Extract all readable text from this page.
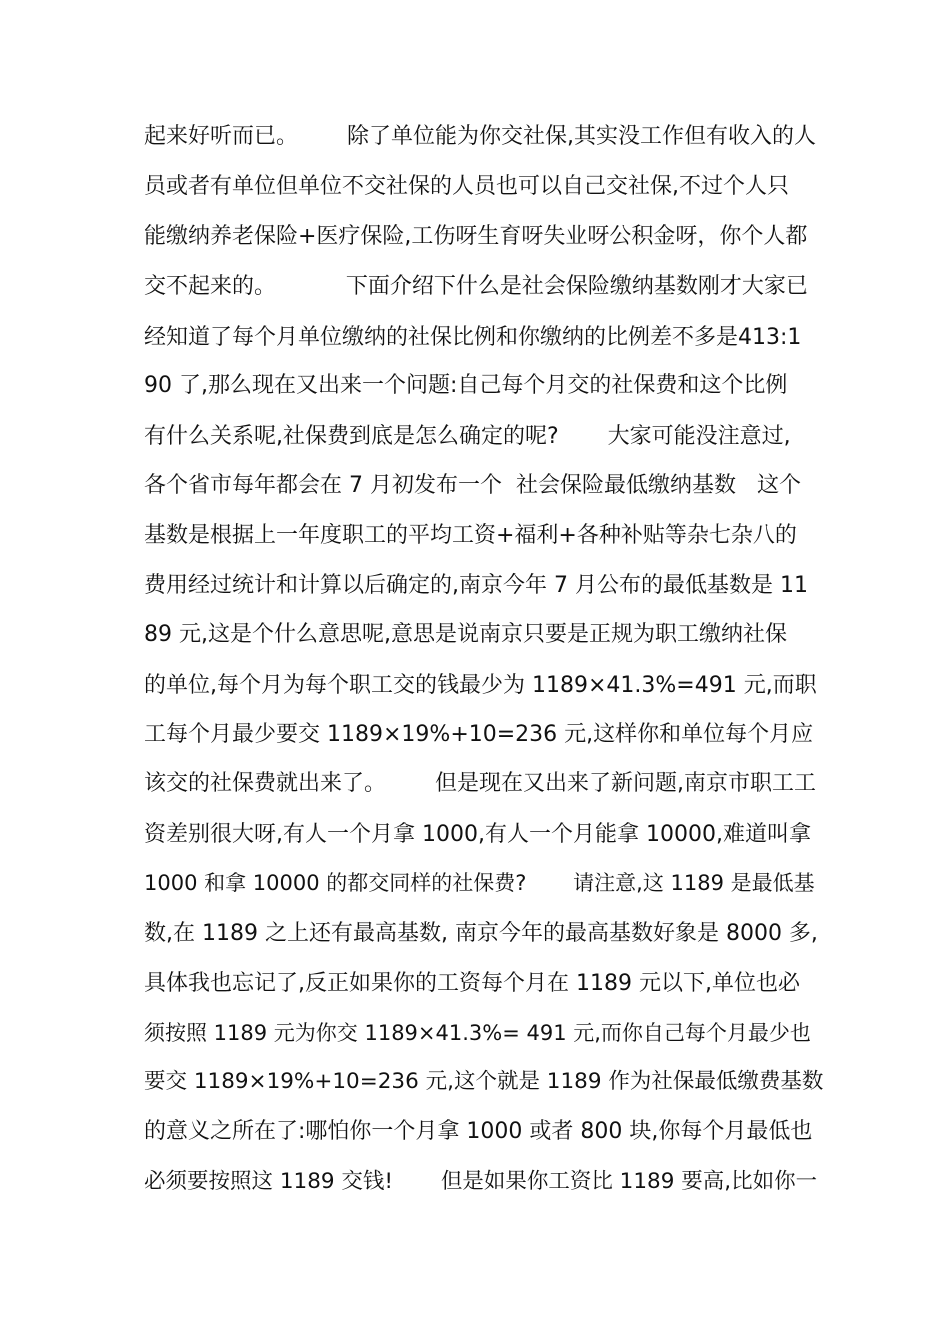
起来好听而已。       除了单位能为你交社保,其实没工作但有收入的人
员或者有单位但单位不交社保的人员也可以自己交社保,不过个人只
能缴纳养老保险+医疗保险,工伤呀生育呀失业呀公积金呀，你个人都
交不起来的。          下面介绍下什么是社会保险缴纳基数刚才大家已
经知道了每个月单位缴纳的社保比例和你缴纳的比例差不多是413:1
90 了,那么现在又出来一个问题:自己每个月交的社保费和这个比例
有什么关系呢,社保费到底是怎么确定的呢?       大家可能没注意过,
各个省市每年都会在 7 月初发布一个  社会保险最低缴纳基数   这个
基数是根据上一年度职工的平均工资+福利+各种补贴等杂七杂八的
费用经过统计和计算以后确定的,南京今年 7 月公布的最低基数是 11
89 元,这是个什么意思呢,意思是说南京只要是正规为职工缴纳社保
的单位,每个月为每个职工交的钱最少为 1189×41.3%=491 元,而职
工每个月最少要交 1189×19%+10=236 元,这样你和单位每个月应
该交的社保费就出来了。       但是现在又出来了新问题,南京市职工工
资差别很大呀,有人一个月拿 1000,有人一个月能拿 10000,难道叫拿
1000 和拿 10000 的都交同样的社保费?       请注意,这 1189 是最低基
数,在 1189 之上还有最高基数, 南京今年的最高基数好象是 8000 多,
具体我也忘记了,反正如果你的工资每个月在 1189 元以下,单位也必
须按照 1189 元为你交 1189×41.3%= 491 元,而你自己每个月最少也
要交 1189×19%+10=236 元,这个就是 1189 作为社保最低缴费基数
的意义之所在了:哪怕你一个月拿 1000 或者 800 块,你每个月最低也
必须要按照这 1189 交钱!       但是如果你工资比 1189 要高,比如你一
